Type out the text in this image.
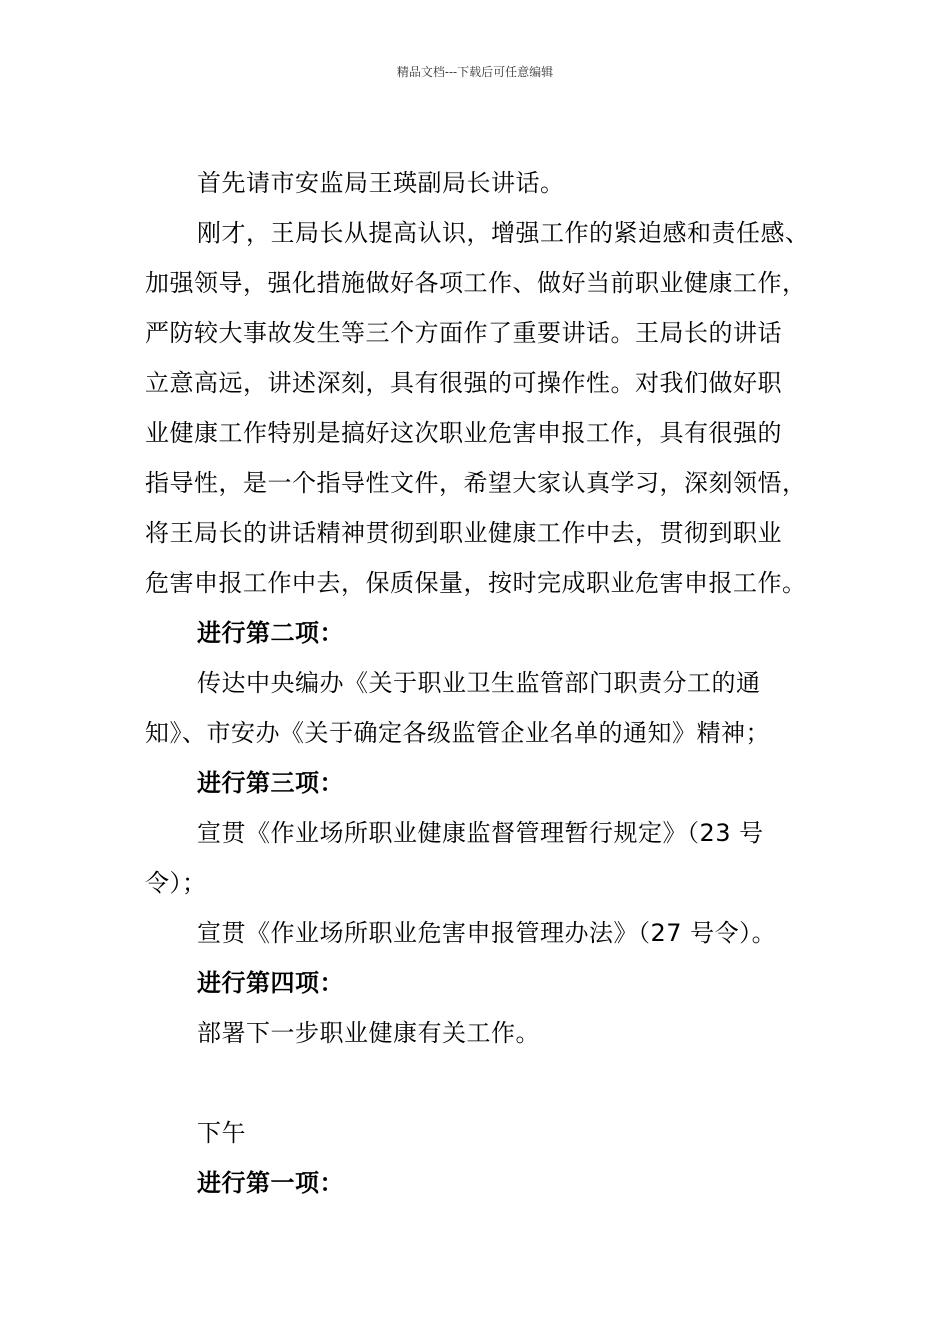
精品文档---下载后可任意编辑

首先请市安监局王瑛副局长讲话。

刚才，王局长从提高认识，增强工作的紧迫感和责任感、
加强领导，强化措施做好各项工作、做好当前职业健康工作，
严防较大事故发生等三个方面作了重要讲话。王局长的讲话
立意高远，讲述深刻，具有很强的可操作性。对我们做好职
业健康工作特别是搞好这次职业危害申报工作，具有很强的
指导性，是一个指导性文件，希望大家认真学习，深刻领悟，
将王局长的讲话精神贯彻到职业健康工作中去，贯彻到职业
危害申报工作中去，保质保量，按时完成职业危害申报工作。

进行第二项：

传达中央编办《关于职业卫生监管部门职责分工的通
知》、市安办《关于确定各级监管企业名单的通知》精神；

进行第三项：

宣贯《作业场所职业健康监督管理暂行规定》（23 号
令）；

宣贯《作业场所职业危害申报管理办法》（27 号令）。

进行第四项：

部署下一步职业健康有关工作。

下午

进行第一项：
